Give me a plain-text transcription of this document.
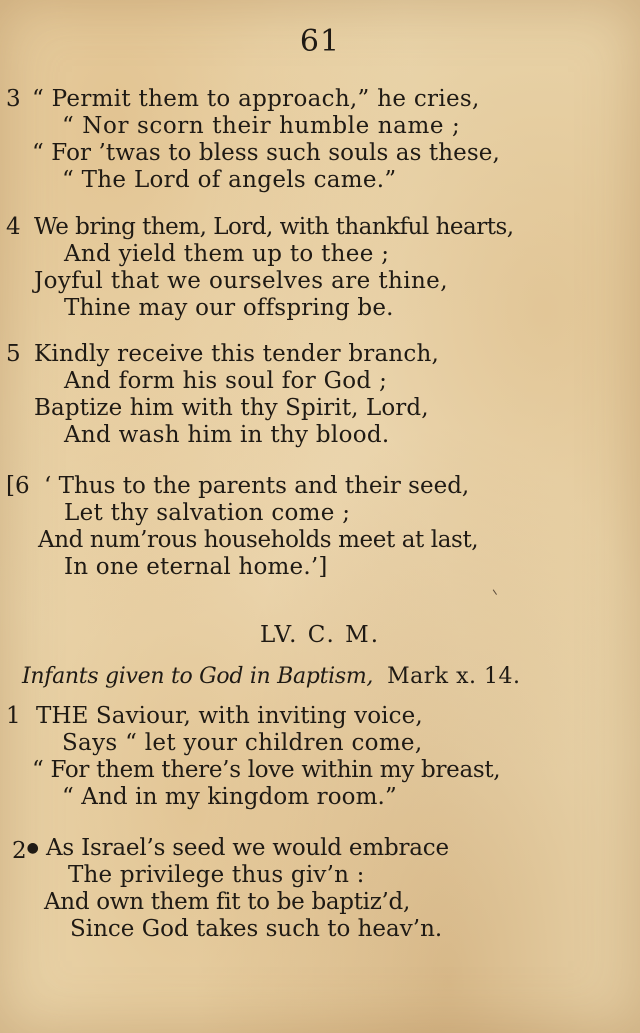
61
3 “ Permit them to approach,” he cries,
“ Nor scorn their humble name ;
“ For ’twas to bless such souls as these,
“ The Lord of angels came.”
4 We bring them, Lord, with thankful hearts,
And yield them up to thee ;
Joyful that we ourselves are thine,
Thine may our offspring be.
5 Kindly receive this tender branch,
And form his soul for God ;
Baptize him with thy Spirit, Lord,
And wash him in thy blood.
[6 ‘ Thus to the parents and their seed,
Let thy salvation come ;
And num’rous households meet at last,
In one eternal home.’]
LV. C. M.
Infants given to God in Baptism, Mark x. 14.
1 THE Saviour, with inviting voice,
Says “ let your children come,
“ For them there’s love within my breast,
“ And in my kingdom room.”
2● As Israel’s seed we would embrace
The privilege thus giv’n :
And own them fit to be baptiz’d,
Since God takes such to heav’n.
